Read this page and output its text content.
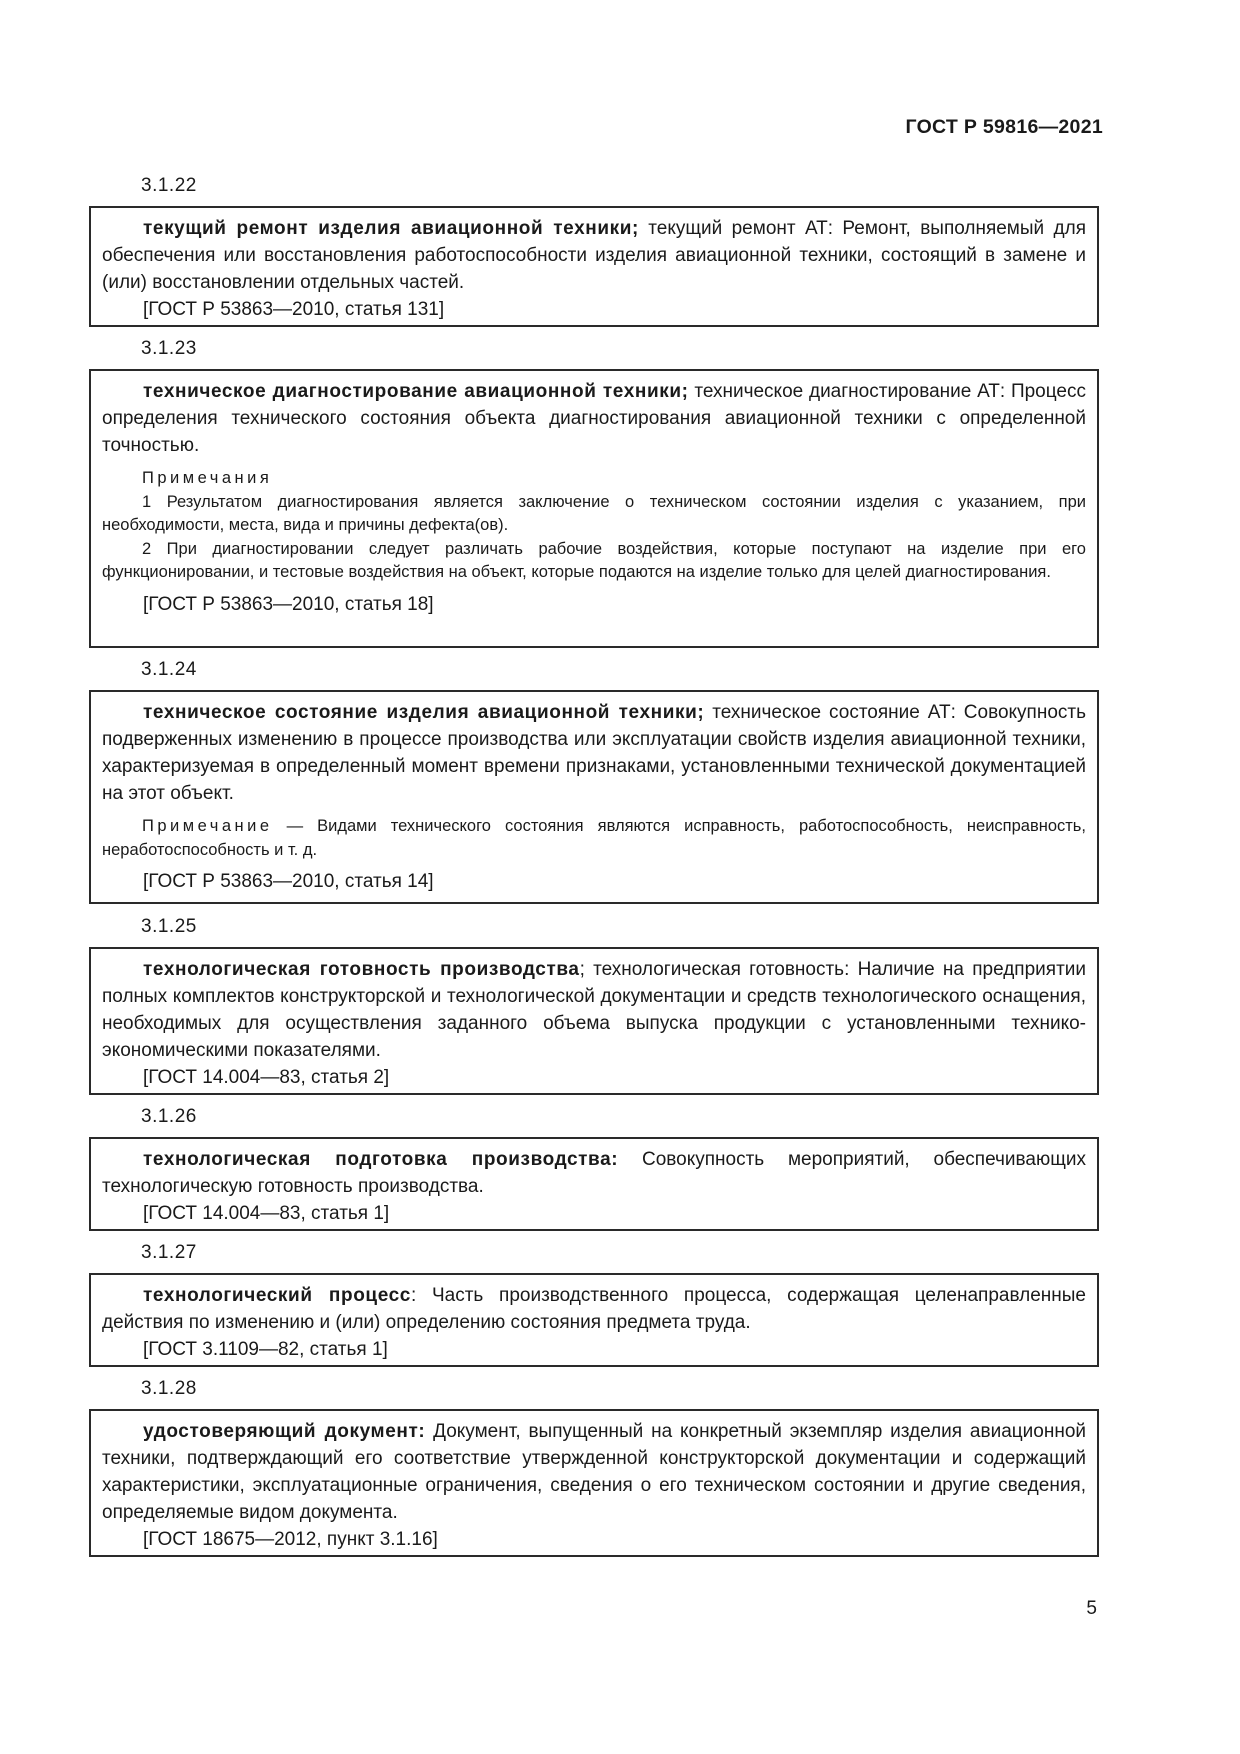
ГОСТ Р 59816—2021
3.1.22

текущий ремонт изделия авиационной техники; текущий ремонт АТ: Ремонт, выполняемый для обеспечения или восстановления работоспособности изделия авиационной техники, состоящий в замене и (или) восстановлении отдельных частей.

[ГОСТ Р 53863—2010, статья 131]
3.1.23

техническое диагностирование авиационной техники; техническое диагностирование АТ: Процесс определения технического состояния объекта диагностирования авиационной техники с определенной точностью.

Примечания

1 Результатом диагностирования является заключение о техническом состоянии изделия с указанием, при необходимости, места, вида и причины дефекта(ов).

2 При диагностировании следует различать рабочие воздействия, которые поступают на изделие при его функционировании, и тестовые воздействия на объект, которые подаются на изделие только для целей диагностирования.

[ГОСТ Р 53863—2010, статья 18]
3.1.24

техническое состояние изделия авиационной техники; техническое состояние АТ: Совокупность подверженных изменению в процессе производства или эксплуатации свойств изделия авиационной техники, характеризуемая в определенный момент времени признаками, установленными технической документацией на этот объект.

Примечание — Видами технического состояния являются исправность, работоспособность, неисправность, неработоспособность и т. д.

[ГОСТ Р 53863—2010, статья 14]
3.1.25

технологическая готовность производства; технологическая готовность: Наличие на предприятии полных комплектов конструкторской и технологической документации и средств технологического оснащения, необходимых для осуществления заданного объема выпуска продукции с установленными технико-экономическими показателями.

[ГОСТ 14.004—83, статья 2]
3.1.26

технологическая подготовка производства: Совокупность мероприятий, обеспечивающих технологическую готовность производства.

[ГОСТ 14.004—83, статья 1]
3.1.27

технологический процесс: Часть производственного процесса, содержащая целенаправленные действия по изменению и (или) определению состояния предмета труда.

[ГОСТ 3.1109—82, статья 1]
3.1.28

удостоверяющий документ: Документ, выпущенный на конкретный экземпляр изделия авиационной техники, подтверждающий его соответствие утвержденной конструкторской документации и содержащий характеристики, эксплуатационные ограничения, сведения о его техническом состоянии и другие сведения, определяемые видом документа.

[ГОСТ 18675—2012, пункт 3.1.16]
5
